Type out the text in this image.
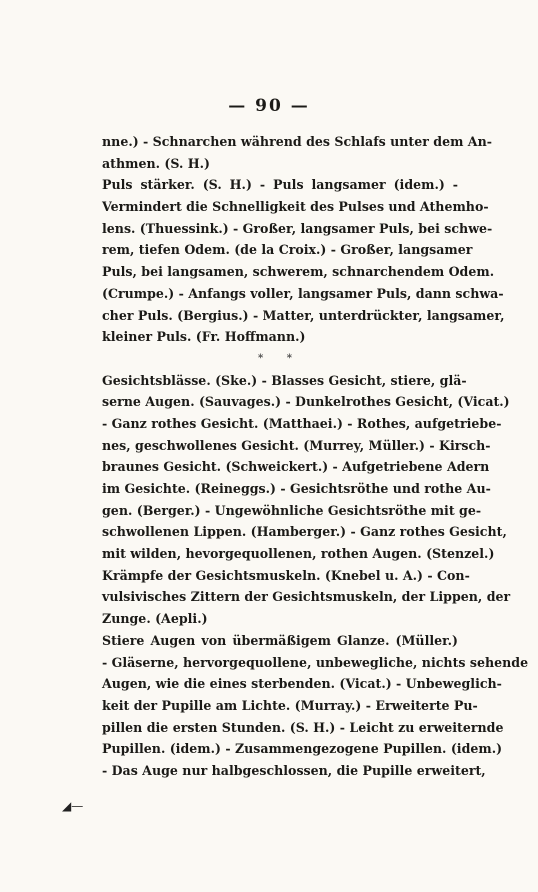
— 90 —
nne.) - Schnarchen während des Schlafs unter dem An-
athmen. (S. H.)
Puls stärker. (S. H.) - Puls langsamer (idem.) -
Vermindert die Schnelligkeit des Pulses und Athemho-
lens. (Thuessink.) - Großer, langsamer Puls, bei schwe-
rem, tiefen Odem. (de la Croix.) - Großer, langsamer
Puls, bei langsamen, schwerem, schnarchendem Odem.
(Crumpe.) - Anfangs voller, langsamer Puls, dann schwa-
cher Puls. (Bergius.) - Matter, unterdrückter, langsamer,
kleiner Puls. (Fr. Hoffmann.)
* *
Gesichtsblässe. (Ske.) - Blasses Gesicht, stiere, glä-
serne Augen. (Sauvages.) - Dunkelrothes Gesicht, (Vicat.)
- Ganz rothes Gesicht. (Matthaei.) - Rothes, aufgetriebe-
nes, geschwollenes Gesicht. (Murrey, Müller.) - Kirsch-
braunes Gesicht. (Schweickert.) - Aufgetriebene Adern
im Gesichte. (Reineggs.) - Gesichtsröthe und rothe Au-
gen. (Berger.) - Ungewöhnliche Gesichtsröthe mit ge-
schwollenen Lippen. (Hamberger.) - Ganz rothes Gesicht,
mit wilden, hevorgequollenen, rothen Augen. (Stenzel.)
Krämpfe der Gesichtsmuskeln. (Knebel u. A.) - Con-
vulsivisches Zittern der Gesichtsmuskeln, der Lippen, der
Zunge. (Aepli.)
Stiere Augen von übermäßigem Glanze. (Müller.)
- Gläserne, hervorgequollene, unbewegliche, nichts sehende
Augen, wie die eines sterbenden. (Vicat.) - Unbeweglich-
keit der Pupille am Lichte. (Murray.) - Erweiterte Pu-
pillen die ersten Stunden. (S. H.) - Leicht zu erweiternde
Pupillen. (idem.) - Zusammengezogene Pupillen. (idem.)
- Das Auge nur halbgeschlossen, die Pupille erweitert,
◢—
